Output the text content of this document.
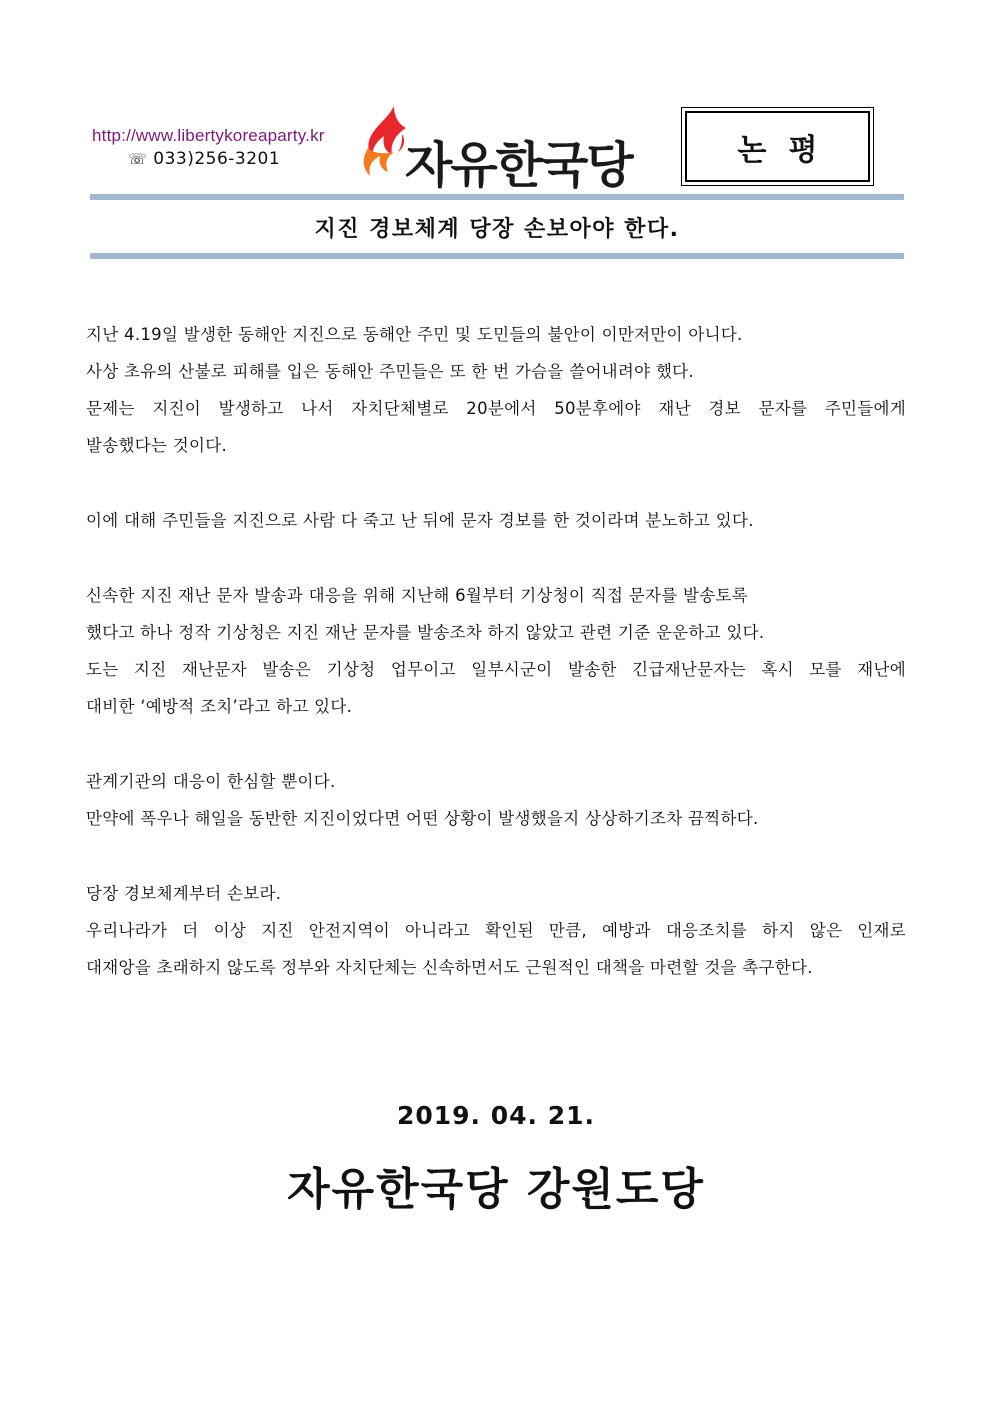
http://www.libertykoreaparty.kr
☏ 033)256-3201	자유한국당	논평
지진 경보체계 당장 손보아야 한다.
지난 4.19일 발생한 동해안 지진으로 동해안 주민 및 도민들의 불안이 이만저만이 아니다.
사상 초유의 산불로 피해를 입은 동해안 주민들은 또 한 번 가슴을 쓸어내려야 했다.
문제는 지진이 발생하고 나서 자치단체별로 20분에서 50분후에야 재난 경보 문자를 주민들에게
발송했다는 것이다.
이에 대해 주민들을 지진으로 사람 다 죽고 난 뒤에 문자 경보를 한 것이라며 분노하고 있다.
신속한 지진 재난 문자 발송과 대응을 위해 지난해 6월부터 기상청이 직접 문자를 발송토록
했다고 하나 정작 기상청은 지진 재난 문자를 발송조차 하지 않았고 관련 기준 운운하고 있다.
도는 지진 재난문자 발송은 기상청 업무이고 일부시군이 발송한 긴급재난문자는 혹시 모를 재난에
대비한 ‘예방적 조치’라고 하고 있다.
관계기관의 대응이 한심할 뿐이다.
만약에 폭우나 해일을 동반한 지진이었다면 어떤 상황이 발생했을지 상상하기조차 끔찍하다.
당장 경보체계부터 손보라.
우리나라가 더 이상 지진 안전지역이 아니라고 확인된 만큼, 예방과 대응조치를 하지 않은 인재로
대재앙을 초래하지 않도록 정부와 자치단체는 신속하면서도 근원적인 대책을 마련할 것을 촉구한다.
2019. 04. 21.
자유한국당 강원도당
